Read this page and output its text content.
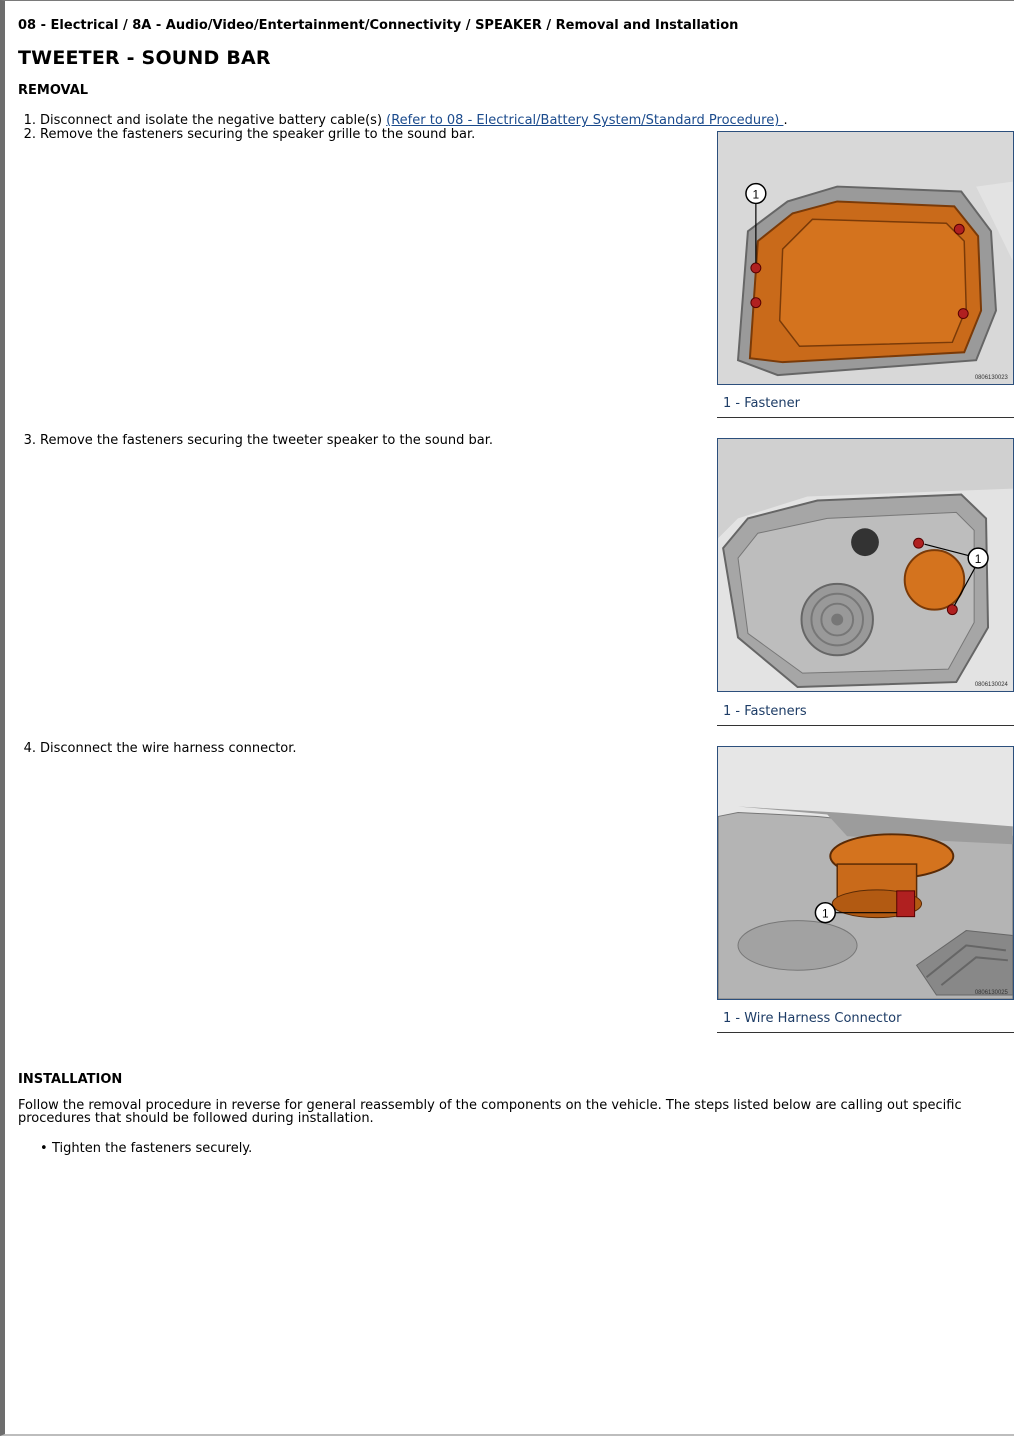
08 - Electrical / 8A - Audio/Video/Entertainment/Connectivity / SPEAKER / Removal and Installation
TWEETER - SOUND BAR
REMOVAL
1. Disconnect and isolate the negative battery cable(s) (Refer to 08 - Electrical/Battery System/Standard Procedure) .
2. Remove the fasteners securing the speaker grille to the sound bar.
1
0806130023
1 - Fastener
3. Remove the fasteners securing the tweeter speaker to the sound bar.
1
0806130024
1 - Fasteners
4. Disconnect the wire harness connector.
1
0806130025
1 - Wire Harness Connector
INSTALLATION
Follow the removal procedure in reverse for general reassembly of the components on the vehicle. The steps listed below are calling out specific procedures that should be followed during installation.
• Tighten the fasteners securely.
